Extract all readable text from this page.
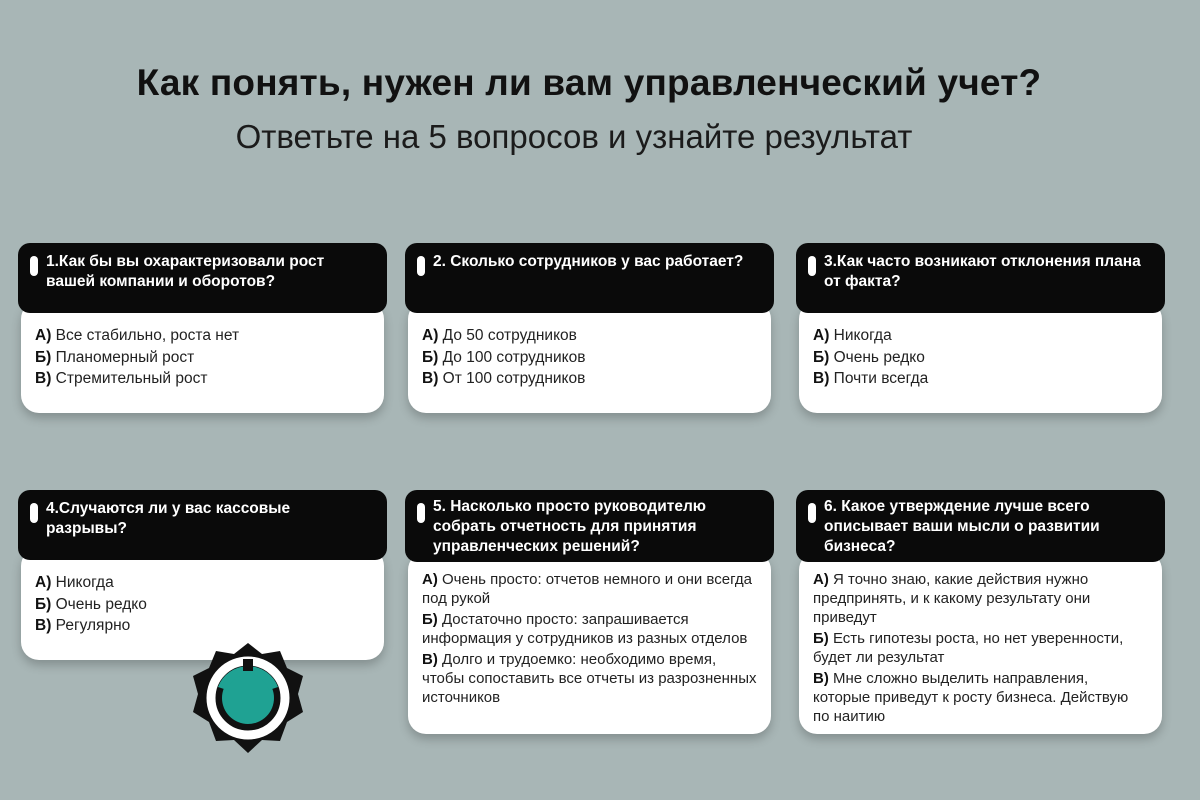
Как понять, нужен ли вам управленческий учет?
Ответьте на 5 вопросов и узнайте результат
А) Все стабильно, роста нет
Б) Планомерный рост
В) Стремительный рост
1.Как бы вы охарактеризовали рост вашей компании и оборотов?
А) До 50 сотрудников
Б) До 100 сотрудников
В) От 100 сотрудников
2. Сколько сотрудников у вас работает?
А) Никогда
Б) Очень редко
В) Почти всегда
3.Как часто возникают отклонения плана от факта?
А) Никогда
Б) Очень редко
В) Регулярно
4.Случаются ли у вас кассовые разрывы?
А) Очень просто: отчетов немного и они всегда под рукой
Б) Достаточно просто: запрашивается информация у сотрудников из разных отделов
В) Долго и трудоемко: необходимо время, чтобы сопоставить все отчеты из разрозненных источников
5. Насколько просто руководителю собрать отчетность для принятия управленческих решений?
А) Я точно знаю, какие действия нужно предпринять, и к какому результату они приведут
Б) Есть гипотезы роста, но нет уверенности, будет ли результат
В) Мне сложно выделить направления, которые приведут к росту бизнеса. Действую по наитию
6. Какое утверждение лучше всего описывает ваши мысли о развитии бизнеса?
